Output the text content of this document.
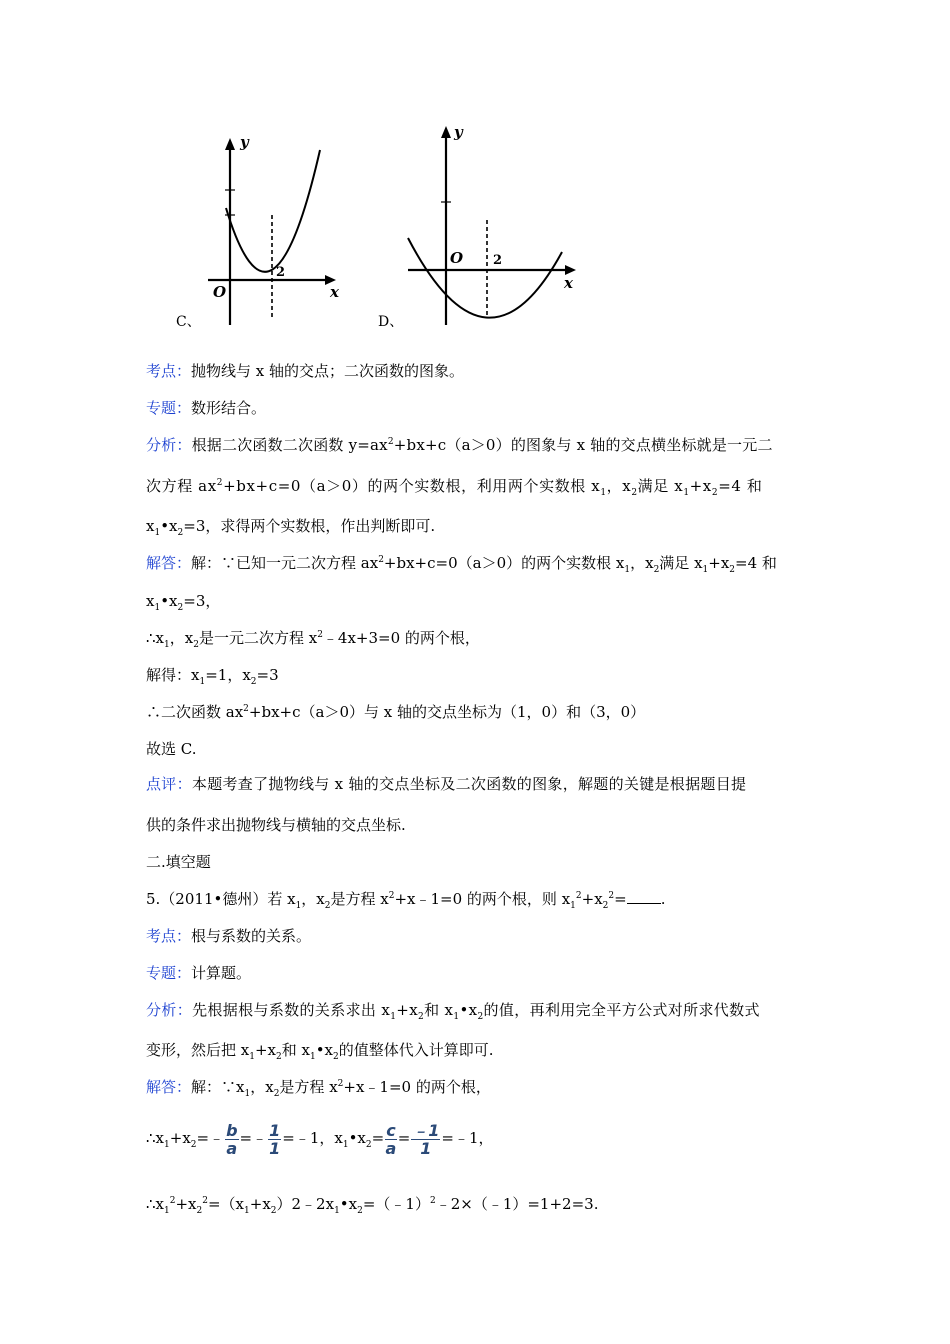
y
x
O
2
C、
y
x
O 2
D、
考点：抛物线与 x 轴的交点；二次函数的图象。
专题：数形结合。
分析：根据二次函数二次函数 $y=ax^2+bx+c(a>0)$的图象与 x 轴的交点横坐标就是一元二
次方程 $ax^2+bx+c=0(a>0)$的两个实数根，利用两个实数根 $x_1$，$x_2$满足 $x_1+x_2=4$ 和
$x_1•x_2=3$，求得两个实数根，作出判断即可.
解答：解：∵已知一元二次方程 $ax^2+bx+c=0(a>0)$的两个实数根 $x_1$，$x_2$满足 $x_1+x_2=4$ 和
$x_1•x_2=3$，
$\therefore x_1$，$x_2$是一元二次方程 $x^2﹣4x+3=0$ 的两个根，
解得：$x_1=1$，$x_2=3$
∴二次函数 $ax^2+bx+c(a>0)$与 x 轴的交点坐标为（1，0）和（3，0）
故选 C.
点评：本题考查了抛物线与 x 轴的交点坐标及二次函数的图象，解题的关键是根据题目提
供的条件求出抛物线与横轴的交点坐标.
二.填空题
5.（2011•德州）若 $x_1$，$x_2$是方程 $x^2+x﹣1=0$ 的两个根，则 $x_1^2+x_2^2=$ .
考点：根与系数的关系。
专题：计算题。
分析：先根据根与系数的关系求出 $x_1+x_2$和 $x_1•x_2$的值，再利用完全平方公式对所求代数式
变形，然后把 $x_1+x_2$和 $x_1•x_2$的值整体代入计算即可.
解答：解：$\because x_1$，$x_2$是方程 $x^2+x﹣1=0$ 的两个根，
$\therefore x_1+x_2=﹣ \frac{b}{a}$ =﹣ $\frac{1}{1}$ =﹣1，$x_1•x_2= \frac{c}{a} = \frac{﹣1}{1}$ =﹣1，
$\therefore x_1^2+x_2^2=(x_1+x_2)2﹣2x_1•x_2=(﹣1)^2﹣2\times(﹣1)=1+2=3$.
